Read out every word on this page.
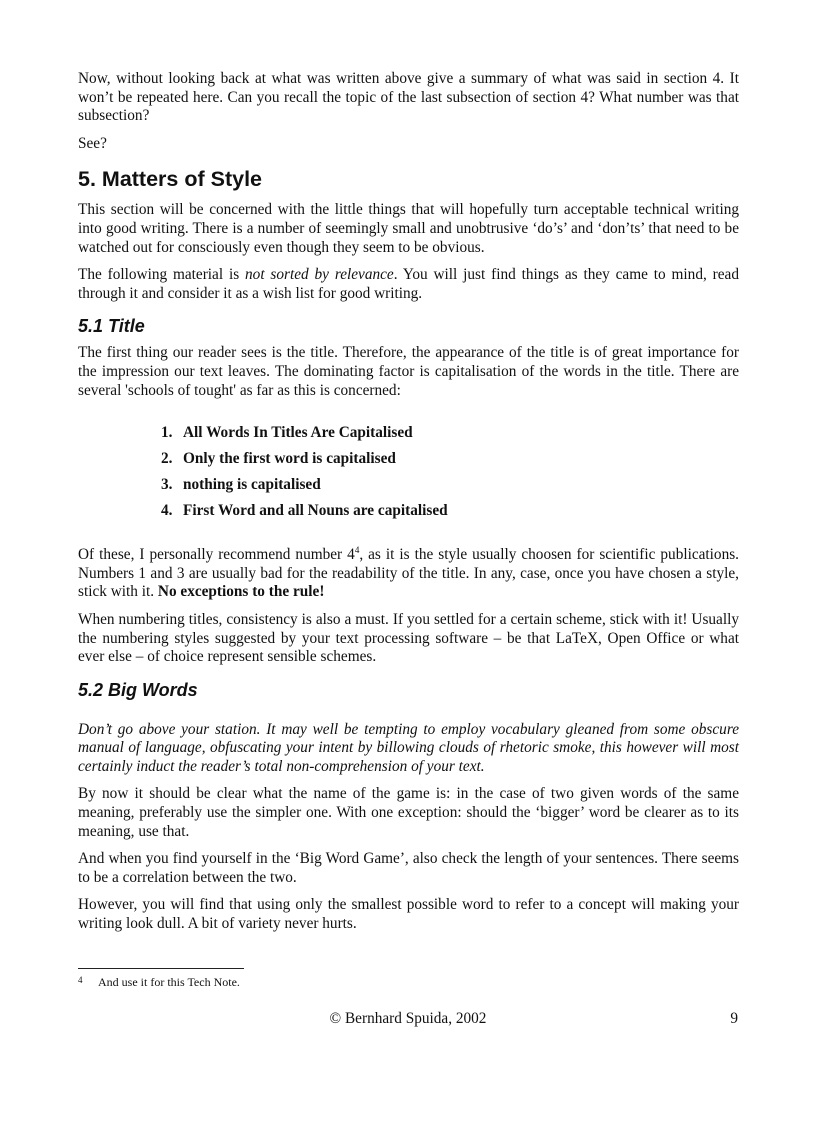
Now, without looking back at what was written above give a summary of what was said in section 4. It won’t be repeated here. Can you recall the topic of the last subsection of section 4? What number was that subsection?

See?

5. Matters of Style

This section will be concerned with the little things that will hopefully turn acceptable technical writing into good writing. There is a number of seemingly small and unobtrusive ‘do’s’ and ‘don’ts’ that need to be watched out for consciously even though they seem to be obvious.

The following material is not sorted by relevance. You will just find things as they came to mind, read through it and consider it as a wish list for good writing.

5.1 Title

The first thing our reader sees is the title. Therefore, the appearance of the title is of great importance for the impression our text leaves. The dominating factor is capitalisation of the words in the title. There are several 'schools of tought' as far as this is concerned:

1. All Words In Titles Are Capitalised
2. Only the first word is capitalised
3. nothing is capitalised
4. First Word and all Nouns are capitalised

Of these, I personally recommend number $4^4$, as it is the style usually choosen for scientific publications. Numbers 1 and 3 are usually bad for the readability of the title. In any, case, once you have chosen a style, stick with it. No exceptions to the rule!

When numbering titles, consistency is also a must. If you settled for a certain scheme, stick with it! Usually the numbering styles suggested by your text processing software – be that LaTeX, Open Office or what ever else – of choice represent sensible schemes.

5.2 Big Words

Don’t go above your station. It may well be tempting to employ vocabulary gleaned from some obscure manual of language, obfuscating your intent by billowing clouds of rhetoric smoke, this however will most certainly induct the reader’s total non-comprehension of your text.

By now it should be clear what the name of the game is: in the case of two given words of the same meaning, preferably use the simpler one. With one exception: should the ‘bigger’ word be clearer as to its meaning, use that.

And when you find yourself in the ‘Big Word Game’, also check the length of your sentences. There seems to be a correlation between the two.

However, you will find that using only the smallest possible word to refer to a concept will making your writing look dull. A bit of variety never hurts.

4 And use it for this Tech Note.
© Bernhard Spuida, 2002	9
